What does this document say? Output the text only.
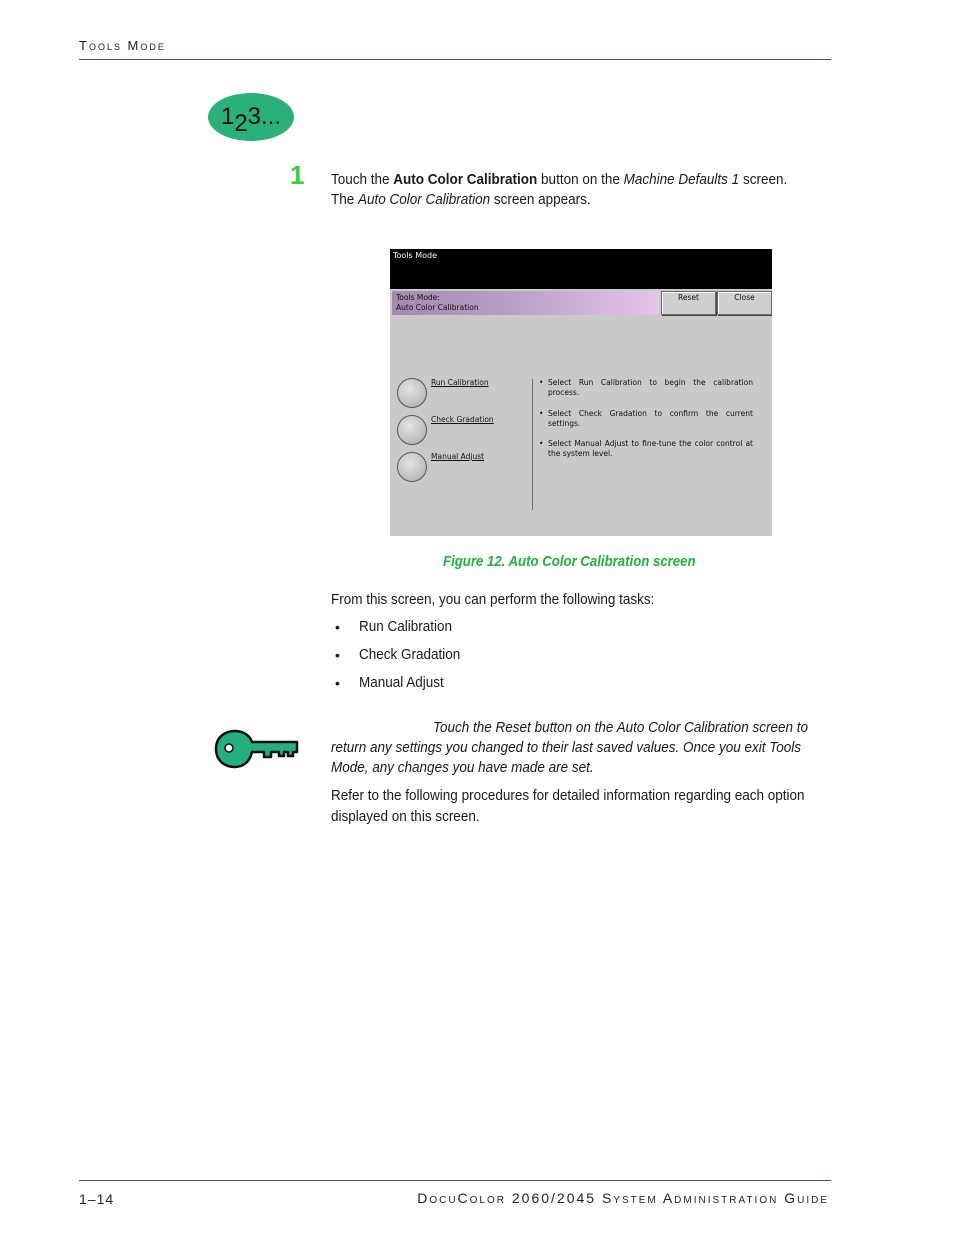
Tools Mode
1 2 3...
1 Touch the Auto Color Calibration button on the Machine Defaults 1 screen.
The Auto Color Calibration screen appears.
Tools Mode
Tools Mode:
Auto Color Calibration
Reset	Close
Run Calibration
Check Gradation
Manual Adjust
• Select Run Calibration to begin the calibration process.
• Select Check Gradation to confirm the current settings.
• Select Manual Adjust to fine-tune the color control at the system level.
Figure 12. Auto Color Calibration screen
From this screen, you can perform the following tasks:
• Run Calibration
• Check Gradation
• Manual Adjust
Touch the Reset button on the Auto Color Calibration screen to
return any settings you changed to their last saved values. Once you exit Tools
Mode, any changes you have made are set.
Refer to the following procedures for detailed information regarding each option
displayed on this screen.
1–14	DocuColor 2060/2045 System Administration Guide
